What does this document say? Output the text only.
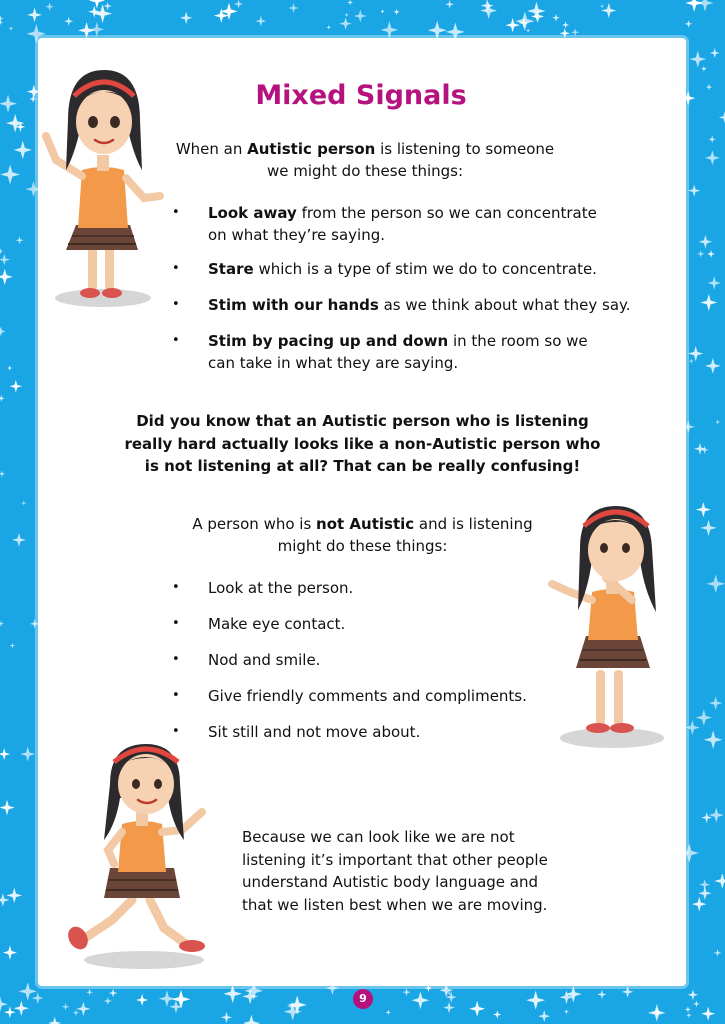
Mixed Signals

When an Autistic person is listening to someone

we might do these things:

• Look away from the person so we can concentrate
on what they’re saying.
• Stare which is a type of stim we do to concentrate.
• Stim with our hands as we think about what they say.
• Stim by pacing up and down in the room so we
can take in what they are saying.
Did you know that an Autistic person who is listening
really hard actually looks like a non-Autistic person who
is not listening at all? That can be really confusing!

A person who is not Autistic and is listening

might do these things:

• Look at the person.
• Make eye contact.
• Nod and smile.
• Give friendly comments and compliments.
• Sit still and not move about.
Because we can look like we are not
listening it’s important that other people
understand Autistic body language and
that we listen best when we are moving.
9
